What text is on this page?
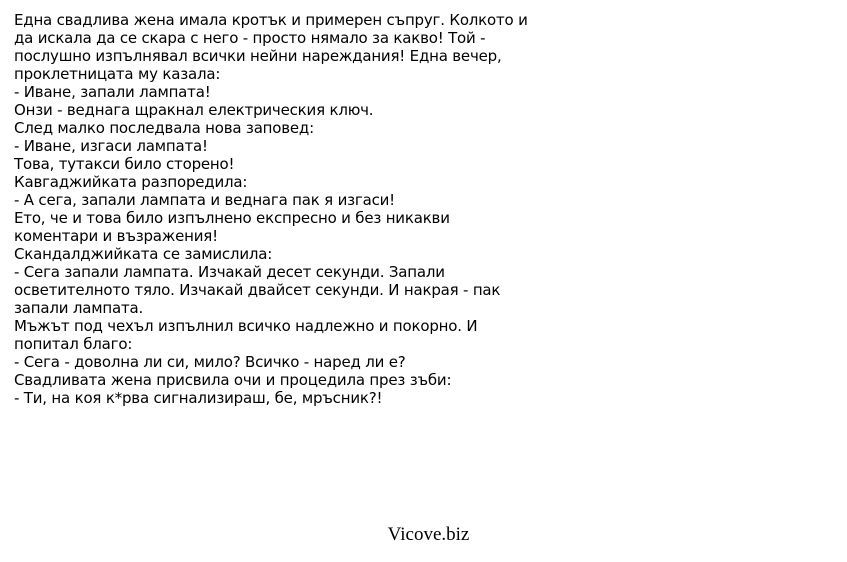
Една свадлива жена имала кротък и примерен съпруг. Колкото и
да искала да се скара с него - просто нямало за какво! Той -
послушно изпълнявал всички нейни нареждания! Една вечер,
проклетницата му казала:
- Иване, запали лампата!
Онзи - веднага щракнал електрическия ключ.
След малко последвала нова заповед:
- Иване, изгаси лампата!
Това, тутакси било сторено!
Кавгаджийката разпоредила:
- А сега, запали лампата и веднага пак я изгаси!
Ето, че и това било изпълнено експресно и без никакви
коментари и възражения!
Скандалджийката се замислила:
- Сега запали лампата. Изчакай десет секунди. Запали
осветителното тяло. Изчакай двайсет секунди. И накрая - пак
запали лампата.
Мъжът под чехъл изпълнил всичко надлежно и покорно. И
попитал благо:
- Сега - доволна ли си, мило? Всичко - наред ли е?
Свадливата жена присвила очи и процедила през зъби:
- Ти, на коя к*рва сигнализираш, бе, мръсник?!
Vicove.biz
